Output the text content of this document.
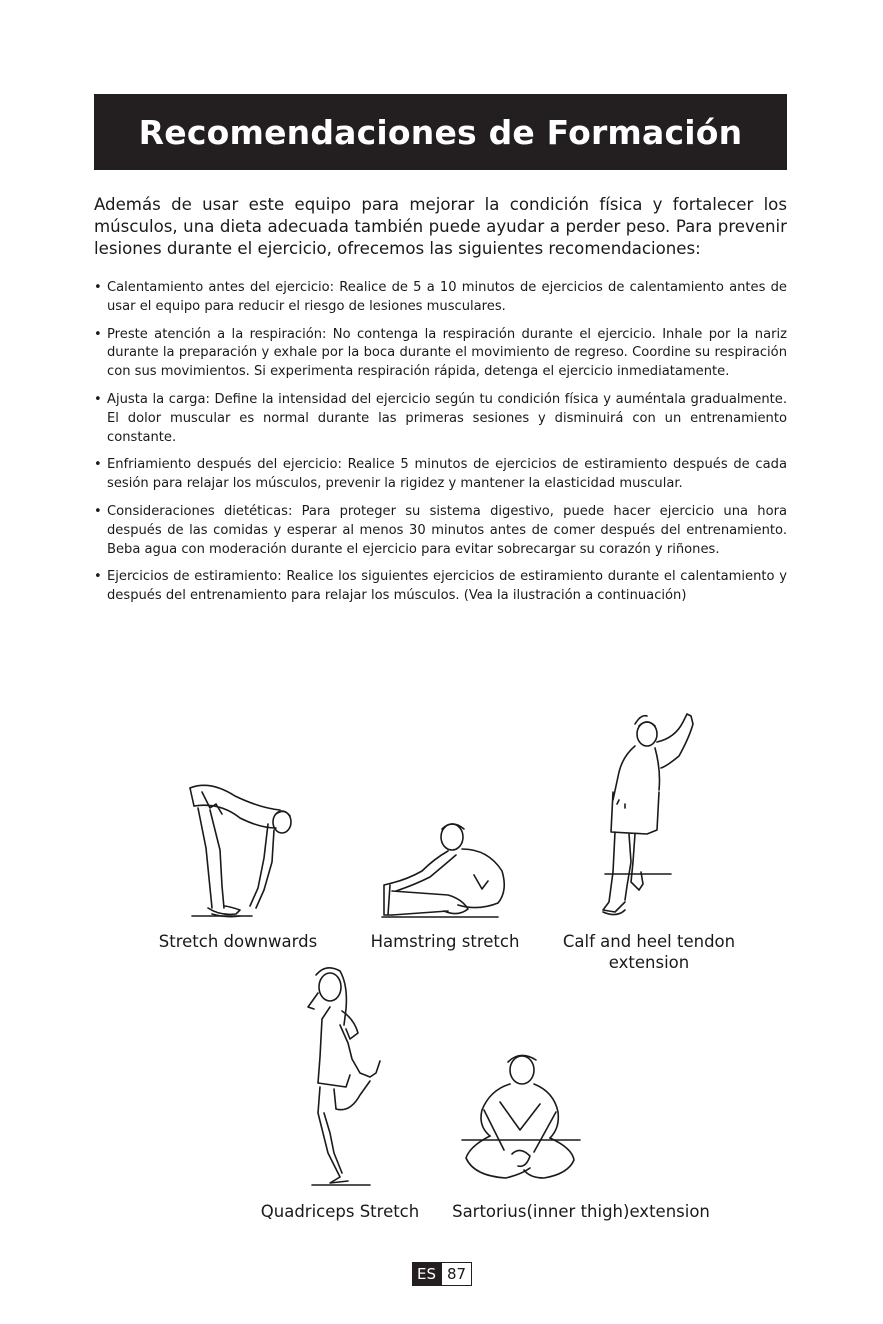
Recomendaciones de Formación

Además de usar este equipo para mejorar la condición física y fortalecer los músculos, una dieta adecuada también puede ayudar a perder peso. Para prevenir lesiones durante el ejercicio, ofrecemos las siguientes recomendaciones:

• Calentamiento antes del ejercicio: Realice de 5 a 10 minutos de ejercicios de calentamiento antes de usar el equipo para reducir el riesgo de lesiones musculares.
• Preste atención a la respiración: No contenga la respiración durante el ejercicio. Inhale por la nariz durante la preparación y exhale por la boca durante el movimiento de regreso. Coordine su respiración con sus movimientos. Si experimenta respiración rápida, detenga el ejercicio inmediatamente.
• Ajusta la carga: Define la intensidad del ejercicio según tu condición física y auméntala gradualmente. El dolor muscular es normal durante las primeras sesiones y disminuirá con un entrenamiento constante.
• Enfriamiento después del ejercicio: Realice 5 minutos de ejercicios de estiramiento después de cada sesión para relajar los músculos, prevenir la rigidez y mantener la elasticidad muscular.
• Consideraciones dietéticas: Para proteger su sistema digestivo, puede hacer ejercicio una hora después de las comidas y esperar al menos 30 minutos antes de comer después del entrenamiento. Beba agua con moderación durante el ejercicio para evitar sobrecargar su corazón y riñones.
• Ejercicios de estiramiento: Realice los siguientes ejercicios de estiramiento durante el calentamiento y después del entrenamiento para relajar los músculos. (Vea la ilustración a continuación)
Stretch downwards	Hamstring stretch	Calf and heel tendon
extension
Quadriceps Stretch	Sartorius(inner thigh)extension
ES 87
